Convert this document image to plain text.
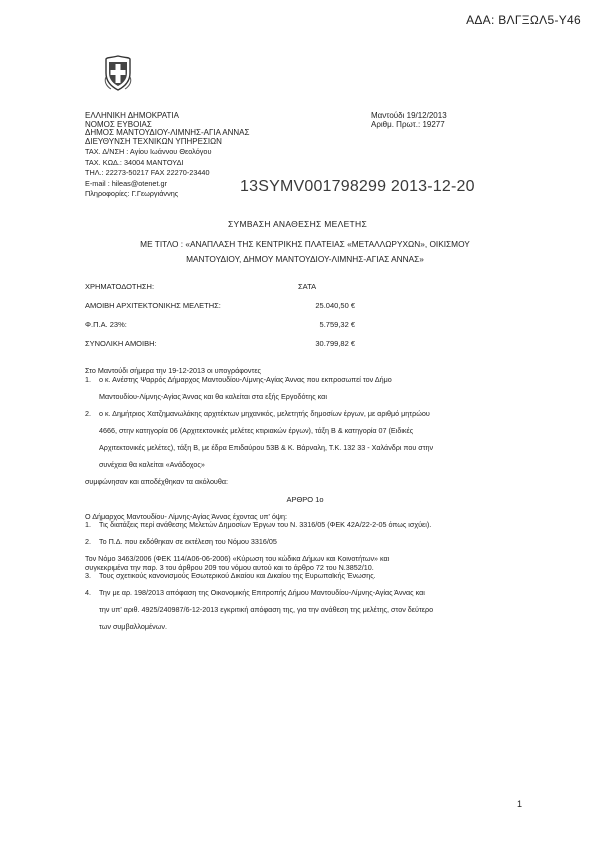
ΑΔΑ: ΒΛΓΞΩΛ5-Υ46
ΕΛΛΗΝΙΚΗ ΔΗΜΟΚΡΑΤΙΑ
ΝΟΜΟΣ ΕΥΒΟΙΑΣ
ΔΗΜΟΣ ΜΑΝΤΟΥΔΙΟΥ-ΛΙΜΝΗΣ-ΑΓΙΑ ΑΝΝΑΣ
ΔΙΕΥΘΥΝΣΗ ΤΕΧΝΙΚΩΝ ΥΠΗΡΕΣΙΩΝ
ΤΑΧ. Δ/ΝΣΗ : Αγίου Ιωάννου Θεολόγου
ΤΑΧ. ΚΩΔ.: 34004 ΜΑΝΤΟΥΔΙ
ΤΗΛ.: 22273-50217 FAX 22270-23440
E-mail : hileas@otenet.gr
Πληροφορίες: Γ.Γεωργιάννης
Μαντούδι 19/12/2013
Αριθμ. Πρωτ.: 19277
13SYMV001798299 2013-12-20
ΣΥΜΒΑΣΗ ΑΝΑΘΕΣΗΣ ΜΕΛΕΤΗΣ
ΜΕ ΤΙΤΛΟ : «ΑΝΑΠΛΑΣΗ ΤΗΣ ΚΕΝΤΡΙΚΗΣ ΠΛΑΤΕΙΑΣ «ΜΕΤΑΛΛΩΡΥΧΩΝ», ΟΙΚΙΣΜΟΥ
ΜΑΝΤΟΥΔΙΟΥ, ΔΗΜΟΥ ΜΑΝΤΟΥΔΙΟΥ-ΛΙΜΝΗΣ-ΑΓΙΑΣ ΑΝΝΑΣ»
ΧΡΗΜΑΤΟΔΟΤΗΣΗ:	ΣΑΤΑ
ΑΜΟΙΒΗ ΑΡΧΙΤΕΚΤΟΝΙΚΗΣ ΜΕΛΕΤΗΣ:	25.040,50 €
Φ.Π.Α. 23%:	5.759,32 €
ΣΥΝΟΛΙΚΗ ΑΜΟΙΒΗ:	30.799,82 €

Στο Μαντούδι σήμερα την 19-12-2013 οι υπογράφοντες

1. ο κ. Ανέστης Ψαρρός Δήμαρχος Μαντουδίου-Λίμνης-Αγίας Άννας που εκπροσωπεί τον Δήμο
Μαντουδίου-Λίμνης-Αγίας Άννας και θα καλείται στα εξής Εργοδότης και
2. ο κ. Δημήτριος Χατζημανωλάκης αρχιτέκτων μηχανικός, μελετητής δημοσίων έργων, με αριθμό μητρώου
4666, στην κατηγορία 06 (Αρχιτεκτονικές μελέτες κτιριακών έργων), τάξη Β & κατηγορία 07 (Ειδικές
Αρχιτεκτονικές μελέτες), τάξη Β, με έδρα Επιδαύρου 53Β & Κ. Βάρναλη, Τ.Κ. 132 33 - Χαλάνδρι που στην
συνέχεια θα καλείται «Ανάδοχος»

συμφώνησαν και αποδέχθηκαν τα ακόλουθα:

ΑΡΘΡΟ 1ο

Ο Δήμαρχος Μαντουδίου- Λίμνης-Αγίας Άννας έχοντας υπ' όψη:

1. Τις διατάξεις περί ανάθεσης Μελετών Δημοσίων Έργων του Ν. 3316/05 (ΦΕΚ 42Α/22-2-05 όπως ισχύει).
2. Το Π.Δ. που εκδόθηκαν σε εκτέλεση του Νόμου 3316/05

Τον Νόμο 3463/2006 (ΦΕΚ 114/Α06-06-2006) «Κύρωση του κώδικα Δήμων και Κοινοτήτων» και

συγκεκριμένα την παρ. 3 του άρθρου 209 του νόμου αυτού και το άρθρο 72 του Ν.3852/10.

3. Τους σχετικούς κανονισμούς Εσωτερικού Δικαίου και Δικαίου της Ευρωπαϊκής Ένωσης.
4. Την με αρ. 198/2013 απόφαση της Οικονομικής Επιτροπής Δήμου Μαντουδίου-Λίμνης-Αγίας Άννας και
την υπ' αριθ. 4925/240987/6-12-2013 εγκριτική απόφαση της, για την ανάθεση της μελέτης, στον δεύτερο
των συμβαλλομένων.
1
